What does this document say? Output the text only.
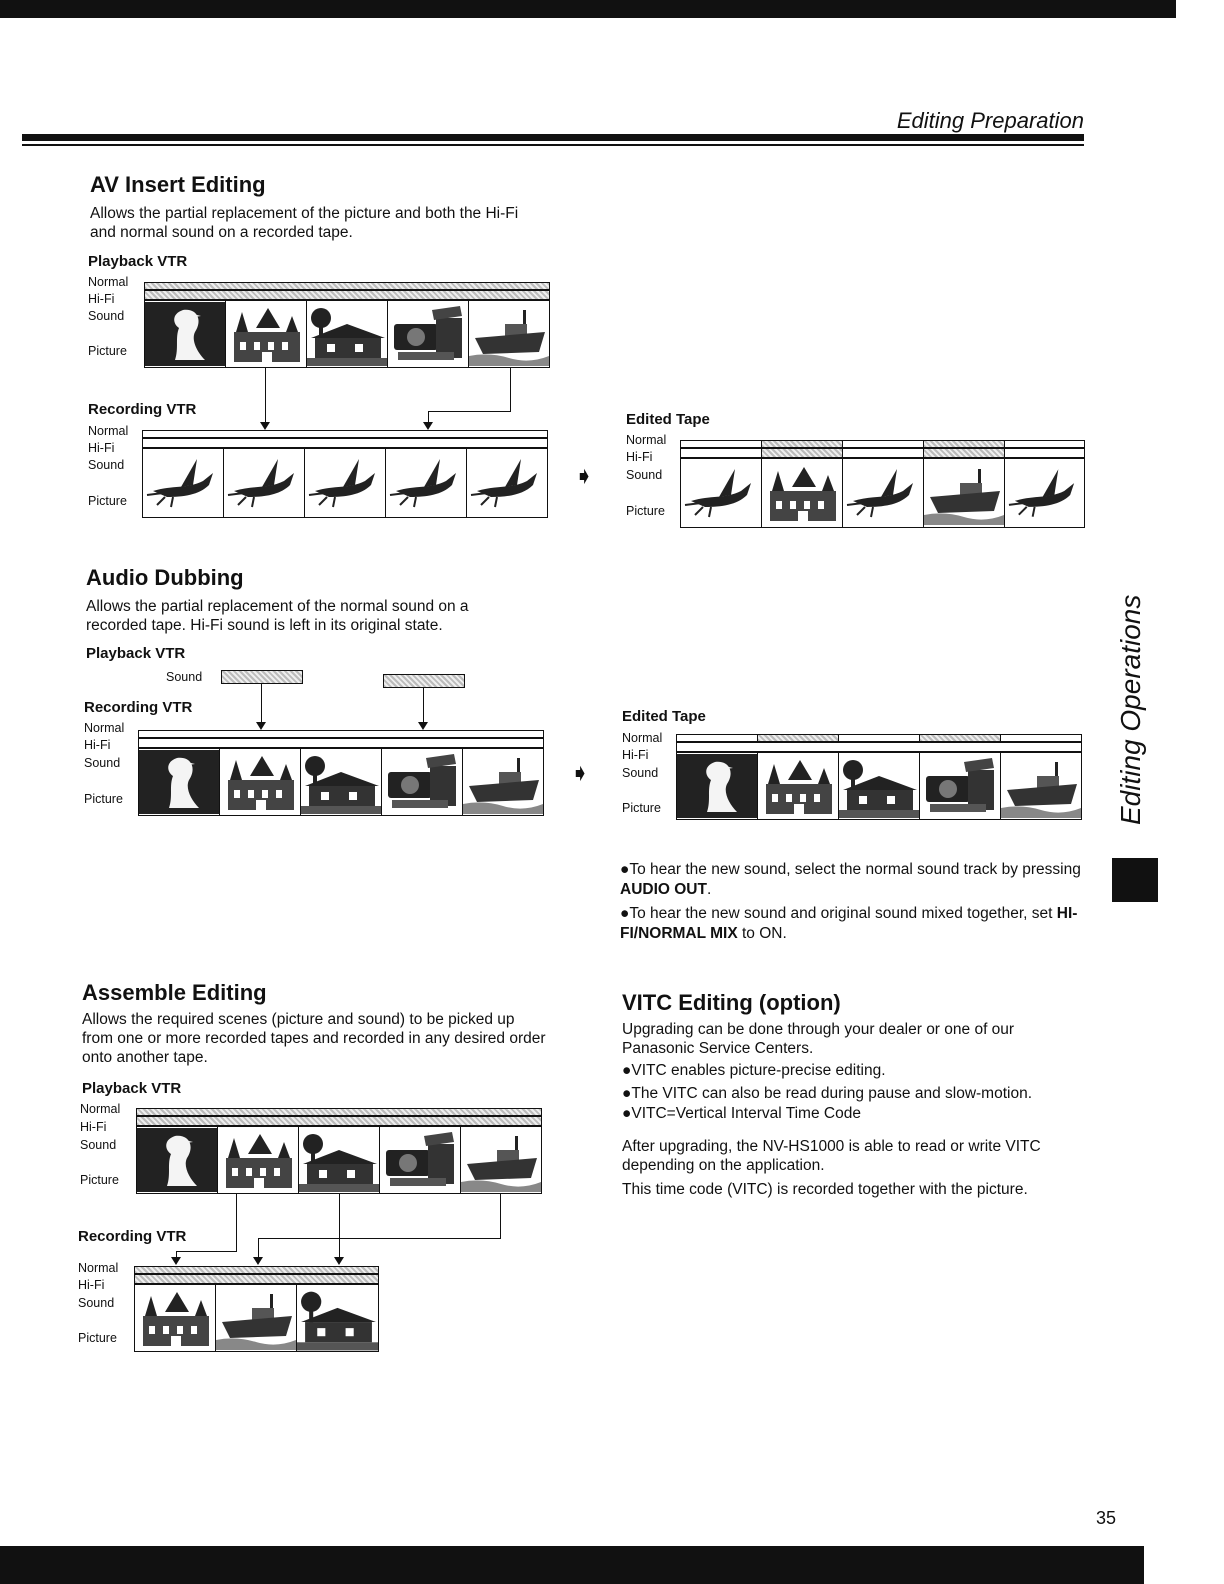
Editing Preparation
Editing Operations
35
AV Insert Editing

Allows the partial replacement of the picture and both the Hi-Fi and normal sound on a recorded tape.

Playback VTR
Normal
Hi-Fi
Sound
Picture
Recording VTR
Normal
Hi-Fi
Sound
Picture
➧
Edited Tape
Normal
Hi-Fi
Sound
Picture
Audio Dubbing

Allows the partial replacement of the normal sound on a recorded tape. Hi-Fi sound is left in its original state.

Playback VTR
Sound
Recording VTR
Normal
Hi-Fi
Sound
Picture
➧
Edited Tape
Normal
Hi-Fi
Sound
Picture
●To hear the new sound, select the normal sound track by pressing AUDIO OUT.
●To hear the new sound and original sound mixed together, set HI-FI/NORMAL MIX to ON.
Assemble Editing

Allows the required scenes (picture and sound) to be picked up from one or more recorded tapes and recorded in any desired order onto another tape.

Playback VTR
Normal
Hi-Fi
Sound
Picture
Recording VTR
Normal
Hi-Fi
Sound
Picture
VITC Editing (option)

Upgrading can be done through your dealer or one of our Panasonic Service Centers.

●VITC enables picture-precise editing.
●The VITC can also be read during pause and slow-motion.
●VITC=Vertical Interval Time Code

After upgrading, the NV-HS1000 is able to read or write VITC depending on the application.

This time code (VITC) is recorded together with the picture.
